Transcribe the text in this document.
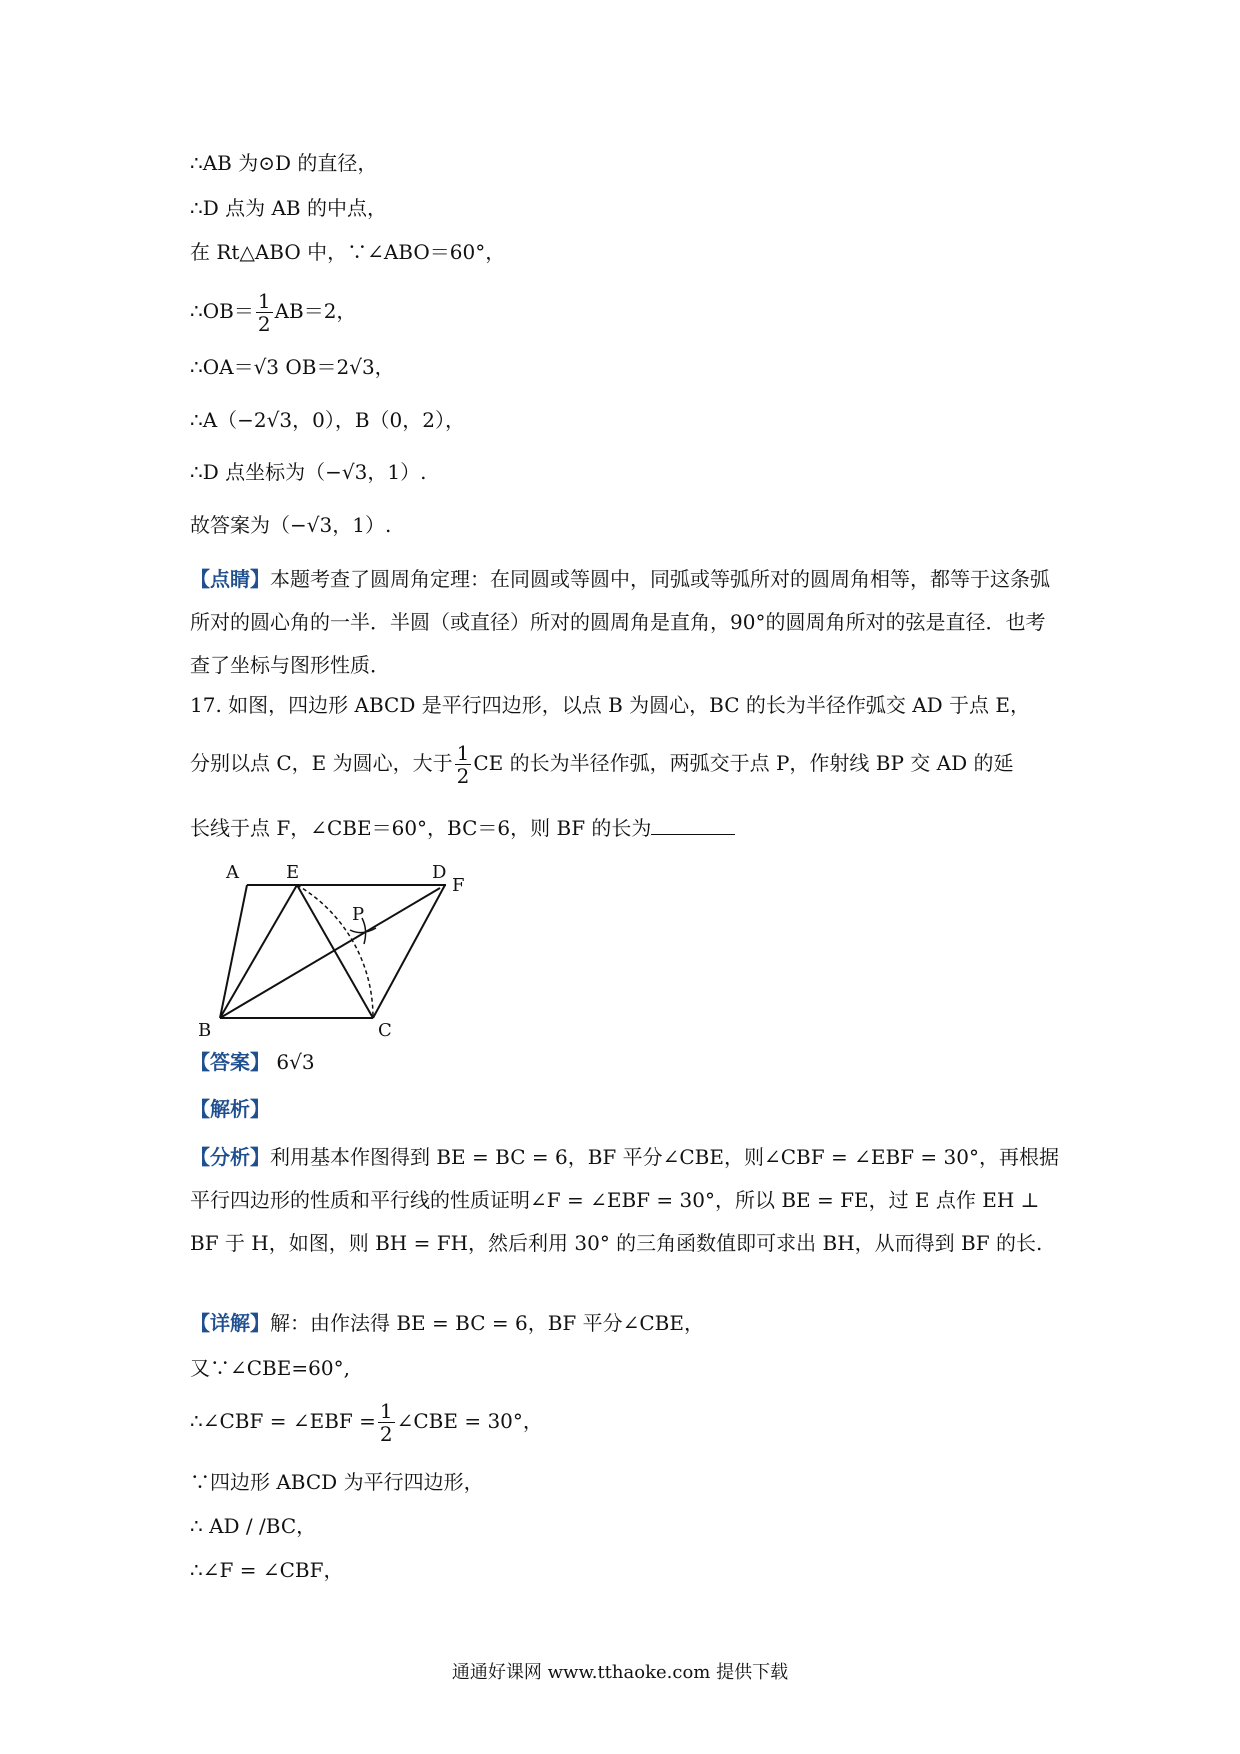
∴AB 为⊙D 的直径，
∴D 点为 AB 的中点，
在 Rt△ABO 中，∵∠ABO＝60°，
∴OB＝ $\frac{1}{2} AB=2$，
∴OA＝√3 OB＝2√3，
∴A（−2√3，0），B（0，2），
∴D 点坐标为（−√3，1）.
故答案为（−√3，1）.
【点睛】本题考查了圆周角定理：在同圆或等圆中，同弧或等弧所对的圆周角相等，都等于这条弧所对的圆心角的一半．半圆（或直径）所对的圆周角是直角，90°的圆周角所对的弦是直径．也考查了坐标与图形性质．
17. 如图，四边形 ABCD 是平行四边形，以点 B 为圆心，BC 的长为半径作弧交 AD 于点 E，
分别以点 C，E 为圆心，大于 $\frac{1}{2}$ CE 的长为半径作弧，两弧交于点 P，作射线 BP 交 AD 的延
长线于点 F，∠CBE＝60°，BC＝6，则 BF 的长为
A	E	D
F
P
B	C
【答案】 6√3
【解析】
【分析】利用基本作图得到 BE = BC = 6，BF 平分∠CBE，则∠CBF = ∠EBF = 30°，再根据平行四边形的性质和平行线的性质证明∠F = ∠EBF = 30°，所以 BE = FE，过 E 点作 EH ⊥ BF 于 H，如图，则 BH = FH，然后利用 30° 的三角函数值即可求出 BH，从而得到 BF 的长.
【详解】解：由作法得 BE = BC = 6，BF 平分∠CBE，
又∵∠CBE=60°,
∴∠CBF = ∠EBF = $\frac{1}{2}$ ∠CBE = 30°，
∵四边形 ABCD 为平行四边形，
∴ AD / /BC，
∴∠F = ∠CBF，
通通好课网 www.tthaoke.com 提供下载
